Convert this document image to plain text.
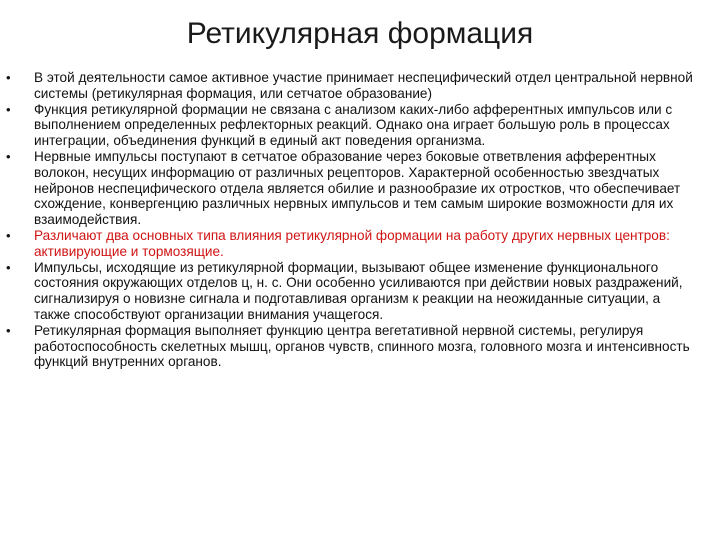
Ретикулярная формация
• В этой деятельности самое активное участие принимает неспецифический отдел центральной нервной системы (ретикулярная формация, или сетчатое образование)
• Функция ретикулярной формации не связана с анализом каких-либо афферентных импульсов или с выполнением определенных рефлекторных реакций. Однако она играет большую роль в процессах интеграции, объединения функций в единый акт поведения организма.
• Нервные импульсы поступают в сетчатое образование через боковые ответвления афферентных волокон, несущих информацию от различных рецепторов. Характерной особенностью звездчатых нейронов неспецифического отдела является обилие и разнообразие их отростков, что обеспечивает схождение, конвергенцию различных нервных импульсов и тем самым широкие возможности для их взаимодействия.
• Различают два основных типа влияния ретикулярной формации на работу других нервных центров: активирующие и тормозящие.
• Импульсы, исходящие из ретикулярной формации, вызывают общее изменение функционального состояния окружающих отделов ц, н. с. Они особенно усиливаются при действии новых раздражений, сигнализируя о новизне сигнала и подготавливая организм к реакции на неожиданные ситуации, а также способствуют организации внимания учащегося.
• Ретикулярная формация выполняет функцию центра вегетативной нервной системы, регулируя работоспособность скелетных мышц, органов чувств, спинного мозга, головного мозга и интенсивность функций внутренних органов.
